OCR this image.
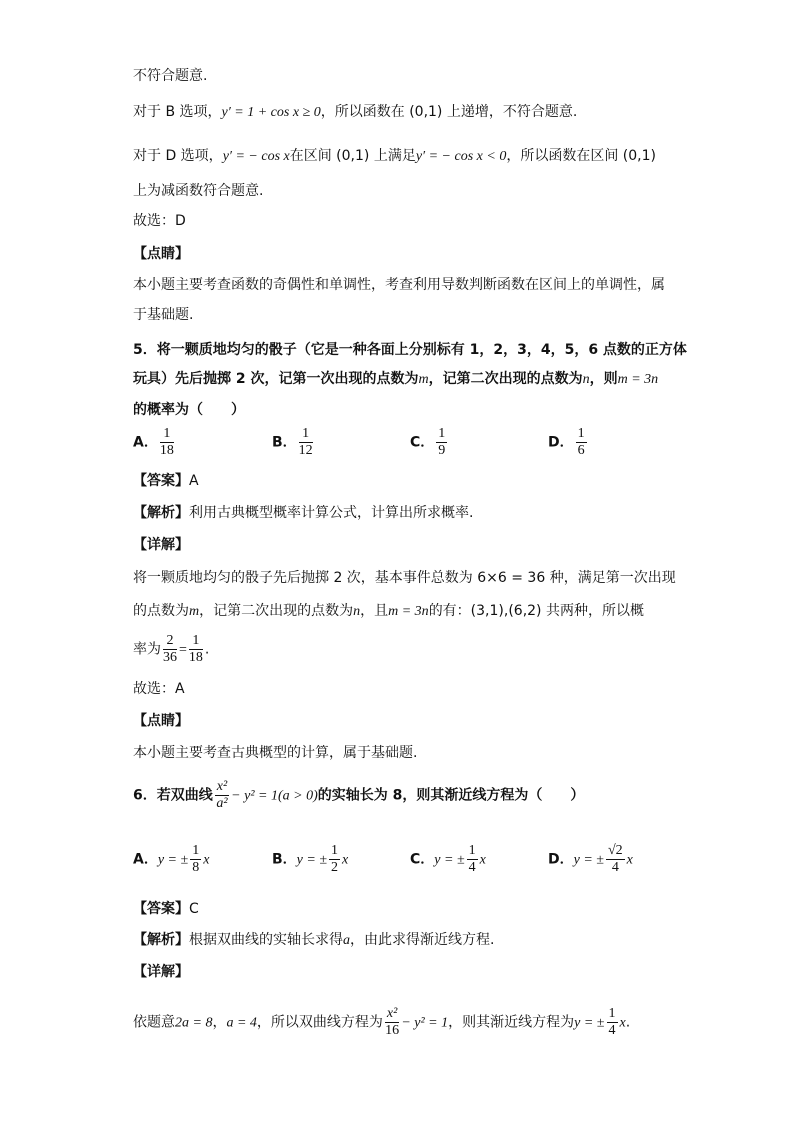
不符合题意.
对于 B 选项，y′ = 1 + cos x ≥ 0，所以函数在 (0,1) 上递增，不符合题意.
对于 D 选项，y′ = − cos x在区间 (0,1) 上满足y′ = − cos x < 0，所以函数在区间 (0,1)
上为减函数符合题意.
故选：D
【点睛】
本小题主要考查函数的奇偶性和单调性，考查利用导数判断函数在区间上的单调性，属
于基础题.
5．将一颗质地均匀的骰子（它是一种各面上分别标有 1，2，3，4，5，6 点数的正方体
玩具）先后抛掷 2 次，记第一次出现的点数为m，记第二次出现的点数为n，则m = 3n
的概率为（　　）
A． $\frac{1}{18}$	B． $\frac{1}{12}$	C． $\frac{1}{9}$	D． $\frac{1}{6}$
【答案】A
【解析】利用古典概型概率计算公式，计算出所求概率.
【详解】
将一颗质地均匀的骰子先后抛掷 2 次，基本事件总数为 6×6 = 36 种，满足第一次出现
的点数为m，记第二次出现的点数为n，且m = 3n的有：(3,1),(6,2) 共两种，所以概
率为 $\frac{2}{36} = \frac{1}{18}$ .
故选：A
【点睛】
本小题主要考查古典概型的计算，属于基础题.
6．若双曲线 $\frac{\text{x²}}{\text{a²}} - y^2 = 1(a > 0)$的实轴长为 8，则其渐近线方程为（　　）
A．y = ± $\frac{1}{8}$ x	B．y = ± $\frac{1}{2}$ x	C．y = ± $\frac{1}{4}$ x	D．y = ± $\frac{√2}{4}$ x
【答案】C
【解析】根据双曲线的实轴长求得a，由此求得渐近线方程.
【详解】
依题意2a = 8，a = 4，所以双曲线方程为 $\frac{\text{x²}}{16} - y^2 = 1$，则其渐近线方程为y = ± $\frac{1}{4} x$.
